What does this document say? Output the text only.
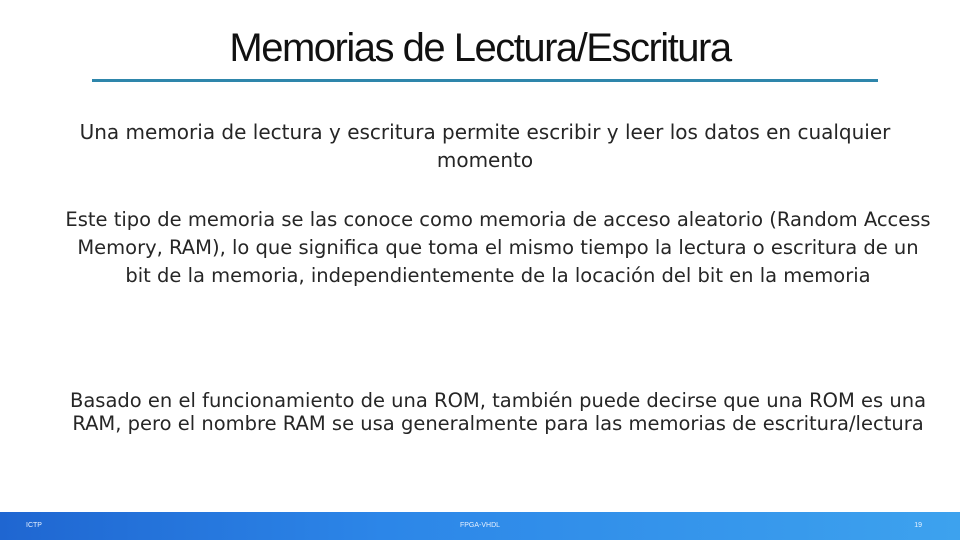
Memorias de Lectura/Escritura

Una memoria de lectura y escritura permite escribir y leer los datos en cualquier momento

Este tipo de memoria se las conoce como memoria de acceso aleatorio (Random Access Memory, RAM), lo que significa que toma el mismo tiempo la lectura o escritura de un bit de la memoria, independientemente de la locación del bit en la memoria

Basado en el funcionamiento de una ROM, también puede decirse que una ROM es una RAM, pero el nombre RAM se usa generalmente para las memorias de escritura/lectura

ICTP	FPGA-VHDL	19
